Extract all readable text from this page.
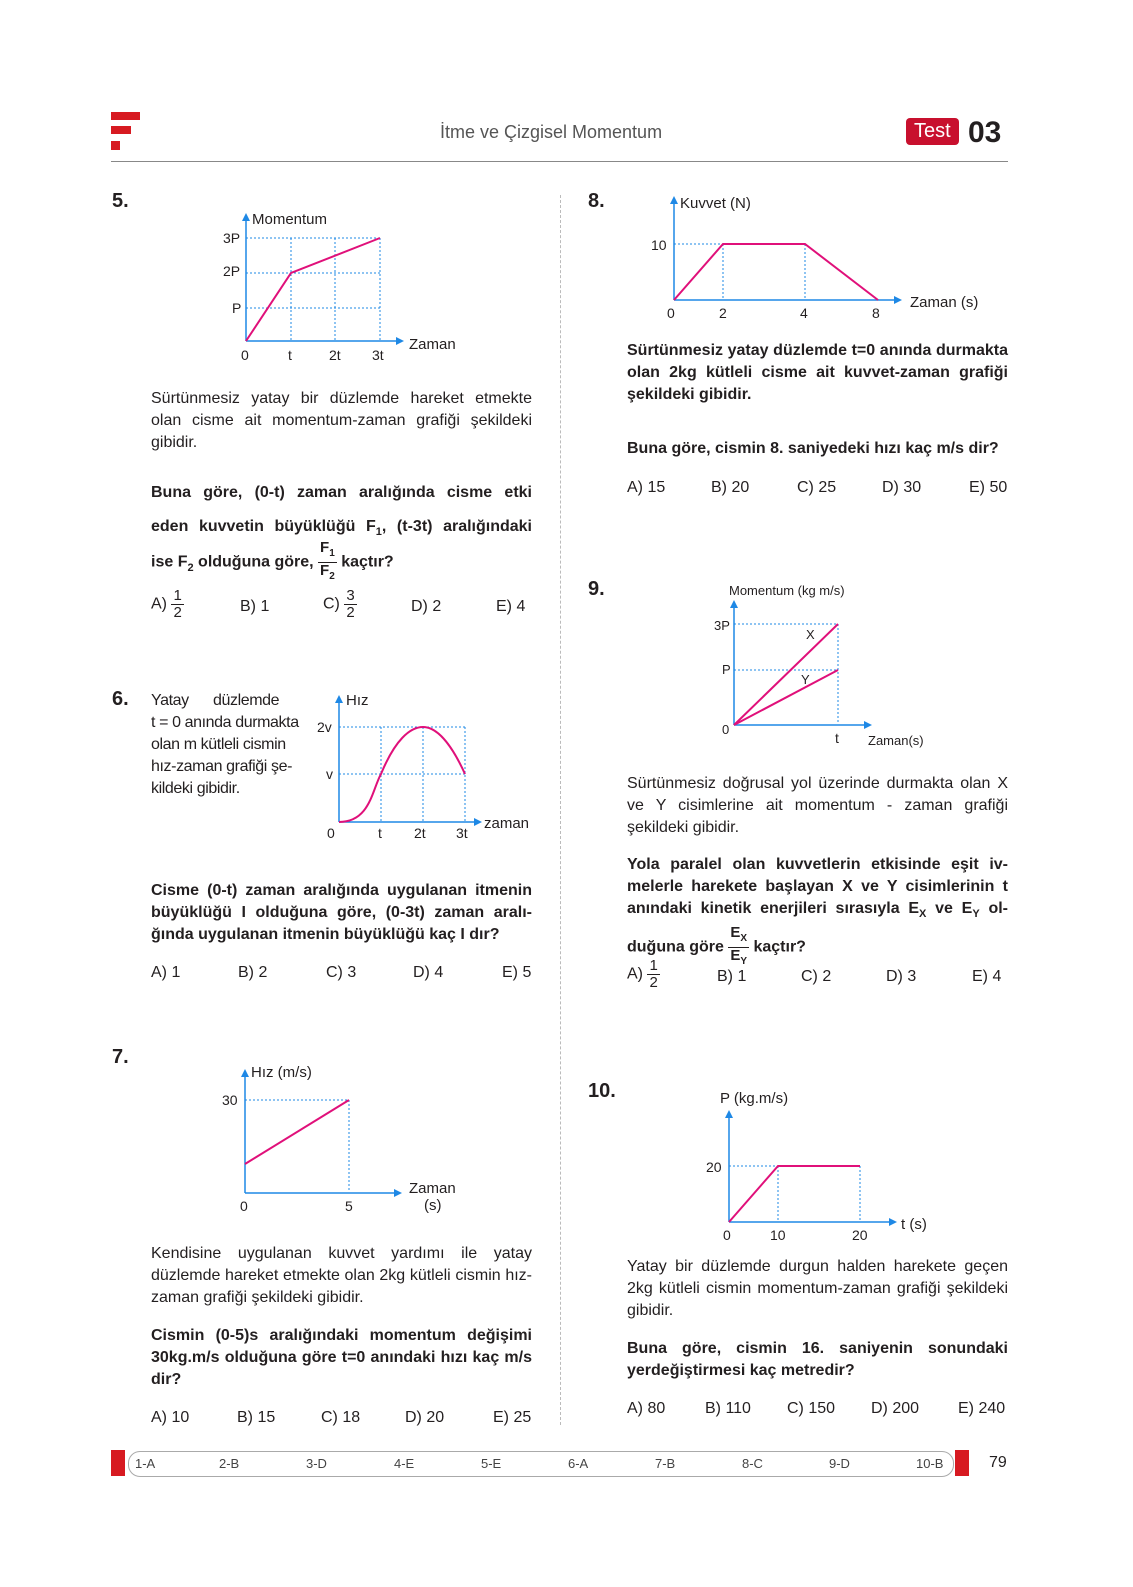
İtme ve Çizgisel Momentum	Test 03
5.
Momentum
Zaman
3P
2P
P
0	t	2t 3t
Sürtünmesiz yatay bir düzlemde hareket etmekte olan cisme ait momentum-zaman grafiği şekildeki gibidir.
Buna göre, (0-t) zaman aralığında cisme etki
eden kuvvetin büyüklüğü $F_1$, (t-3t) aralığındaki
ise $F_2$ olduğuna göre, $\frac{F_1}{F_2}$ kaçtır?
$A) \frac{1}{2}$	B) 1	$C) \frac{3}{2}$	D) 2	E) 4
6. Yatay      düzlemde
t = 0 anında durmakta
olan m kütleli cismin
hız-zaman grafiği şe-
kildeki gibidir.
Hız
zaman
2v
v
0	t 2t 3t
Cisme (0-t) zaman aralığında uygulanan itmenin
büyüklüğü I olduğuna göre, (0-3t) zaman aralı-
ğında uygulanan itmenin büyüklüğü kaç I dır?
A) 1	B) 2	C) 3	D) 4	E) 5
7.
Hız (m/s)
Zaman
(s)
30
0	5
Kendisine uygulanan kuvvet yardımı ile yatay düzlemde hareket etmekte olan 2kg kütleli cismin hız-zaman grafiği şekildeki gibidir.
Cismin (0-5)s aralığındaki momentum değişimi 30kg.m/s olduğuna göre t=0 anındaki hızı kaç m/s dir?
A) 10	B) 15	C) 18	D) 20	E) 25
8.	Kuvvet (N)
Zaman (s)
10
0	2	4	8
Sürtünmesiz yatay düzlemde t=0 anında durmakta olan 2kg kütleli cisme ait kuvvet-zaman grafiği şekildeki gibidir.
Buna göre, cismin 8. saniyedeki hızı kaç m/s dir?
A) 15	B) 20	C) 25	D) 30	E) 50
9.	Momentum (kg m/s)
Zaman(s)
3P
P
0
t
X
Y
Sürtünmesiz doğrusal yol üzerinde durmakta olan X ve Y cisimlerine ait momentum - zaman grafiği şekildeki gibidir.
Yola paralel olan kuvvetlerin etkisinde eşit iv-
melerle harekete başlayan X ve Y cisimlerinin t
anındaki kinetik enerjileri sırasıyla $E_X$ ve $E_Y$ ol-
duğuna göre $\frac{E_X}{E_Y}$ kaçtır?
$A) \frac{1}{2}$	B) 1	C) 2	D) 3	E) 4
10.	P (kg.m/s)
t (s)
20
0	10	20
Yatay bir düzlemde durgun halden harekete geçen 2kg kütleli cismin momentum-zaman grafiği şekildeki gibidir.
Buna göre, cismin 16. saniyenin sonundaki yerdeğiştirmesi kaç metredir?
A) 80 B) 110 C) 150 D) 200 E) 240
1-A	2-B	3-D	4-E	5-E	6-A	7-B	8-C	9-D	10-B	79
